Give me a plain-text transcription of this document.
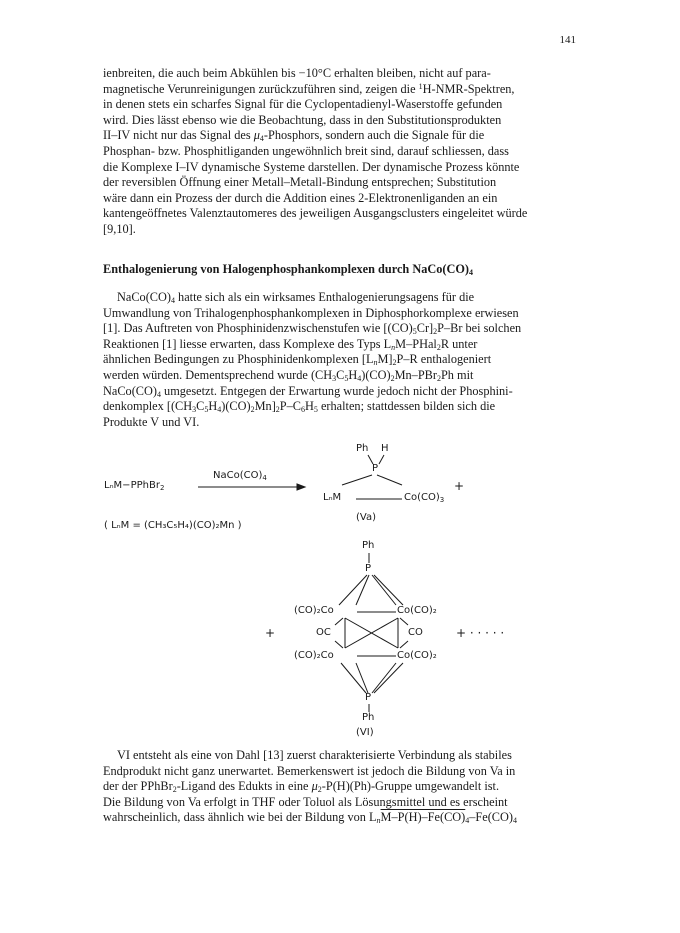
141

ienbreiten, die auch beim Abkühlen bis −10°C erhalten bleiben, nicht auf para-

magnetische Verunreinigungen zurückzuführen sind, zeigen die $^1$H-NMR-Spektren,

in denen stets ein scharfes Signal für die Cyclopentadienyl-Waserstoffe gefunden

wird. Dies lässt ebenso wie die Beobachtung, dass in den Substitutionsprodukten

II–IV nicht nur das Signal des $\mu_4$-Phosphors, sondern auch die Signale für die

Phosphan- bzw. Phosphitliganden ungewöhnlich breit sind, darauf schliessen, dass

die Komplexe I–IV dynamische Systeme darstellen. Der dynamische Prozess könnte

der reversiblen Öffnung einer Metall–Metall-Bindung entsprechen; Substitution

wäre dann ein Prozess der durch die Addition eines 2-Elektronenliganden an ein

kantengeöffnetes Valenztautomeres des jeweiligen Ausgangsclusters eingeleitet würde

[9,10].

Enthalogenierung von Halogenphosphankomplexen durch $NaCo(CO)_4$

$NaCo(CO)_4$ hatte sich als ein wirksames Enthalogenierungsagens für die

Umwandlung von Trihalogenphosphankomplexen in Diphosphorkomplexe erwiesen

[1]. Das Auftreten von Phosphinidenzwischenstufen wie $[(CO)_5Cr]_2P-Br$ bei solchen

Reaktionen [1] liesse erwarten, dass Komplexe des Typs $L_nM-PHal_2R$ unter

ähnlichen Bedingungen zu Phosphinidenkomplexen $[L_nM]_2P-R$ enthalogeniert

werden würden. Dementsprechend wurde $(CH_3C_5H_4)(CO)_2Mn-PBr_2Ph$ mit

$NaCo(CO)_4$ umgesetzt. Entgegen der Erwartung wurde jedoch nicht der Phosphini-

denkomplex $[(CH_3C_5H_4)(CO)_2Mn]_2P-C_6H_5$ erhalten; stattdessen bilden sich die

Produkte V und VI.

LₙM−PPhBr$_2$
$NaCo(CO)_4$
( LₙM = (CH₃C₅H₄)(CO)₂Mn )
Ph H
P
LₙM	$Co(CO)_3$
(Va)
+
Ph
P
(CO)₂Co	Co(CO)₂
OC	CO
(CO)₂Co	Co(CO)₂
P
Ph
(VI)
+	+ · · · · ·

VI entsteht als eine von Dahl [13] zuerst charakterisierte Verbindung als stabiles

Endprodukt nicht ganz unerwartet. Bemerkenswert ist jedoch die Bildung von Va in

der der PPhBr$_2$-Ligand des Edukts in eine $\mu_2-P(H)(Ph)$-Gruppe umgewandelt ist.

Die Bildung von Va erfolgt in THF oder Toluol als Lösungsmittel und es erscheint

wahrscheinlich, dass ähnlich wie bei der Bildung von $L_nM-P(H)-Fe(CO)_4-Fe(CO)_4$
